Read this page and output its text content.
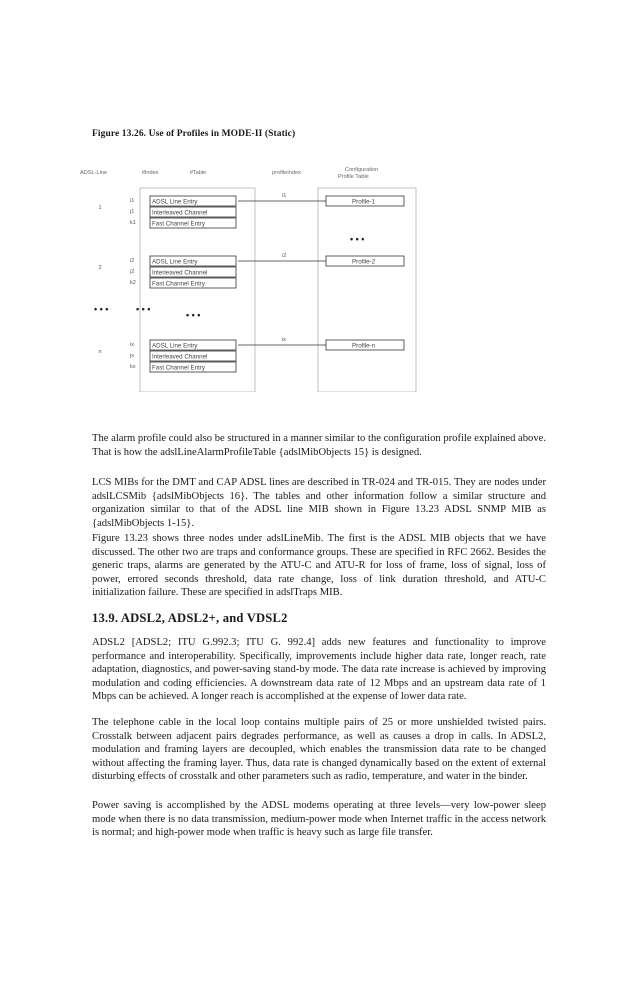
Figure 13.26. Use of Profiles in MODE-II (Static)
ADSL-Line	ifIndex	ifTable	profileIndex	Configuration
Profile Table
1
i1
j1
k1
ADSL Line Entry
Interleaved Channel
Fast Channel Entry
i1
Profile-1
2
i2	ADSL Line Entry
j2	Interleaved Channel
k2	Fast Channel Entry
i2
Profile-2
n
ix	ADSL Line Entry
jx	Interleaved Channel
kx	Fast Channel Entry
ix
Profile-n
• • •
• • •	• • •
• • •

The alarm profile could also be structured in a manner similar to the configuration profile explained above. That is how the adslLineAlarmProfileTable {adslMibObjects 15} is designed.

LCS MIBs for the DMT and CAP ADSL lines are described in TR-024 and TR-015. They are nodes under adslLCSMib {adslMibObjects 16}. The tables and other information follow a similar structure and organization similar to that of the ADSL line MIB shown in Figure 13.23 ADSL SNMP MIB as {adslMibObjects 1-15}.

Figure 13.23 shows three nodes under adslLineMib. The first is the ADSL MIB objects that we have discussed. The other two are traps and conformance groups. These are specified in RFC 2662. Besides the generic traps, alarms are generated by the ATU-C and ATU-R for loss of frame, loss of signal, loss of power, errored seconds threshold, data rate change, loss of link duration threshold, and ATU-C initialization failure. These are specified in adslTraps MIB.

13.9. ADSL2, ADSL2+, and VDSL2

ADSL2 [ADSL2; ITU G.992.3; ITU G. 992.4] adds new features and functionality to improve performance and interoperability. Specifically, improvements include higher data rate, longer reach, rate adaptation, diagnostics, and power-saving stand-by mode. The data rate increase is achieved by improving modulation and coding efficiencies. A downstream data rate of 12 Mbps and an upstream data rate of 1 Mbps can be achieved. A longer reach is accomplished at the expense of lower data rate.

The telephone cable in the local loop contains multiple pairs of 25 or more unshielded twisted pairs. Crosstalk between adjacent pairs degrades performance, as well as causes a drop in calls. In ADSL2, modulation and framing layers are decoupled, which enables the transmission data rate to be changed without affecting the framing layer. Thus, data rate is changed dynamically based on the extent of external disturbing effects of crosstalk and other parameters such as radio, temperature, and water in the binder.

Power saving is accomplished by the ADSL modems operating at three levels—very low-power sleep mode when there is no data transmission, medium-power mode when Internet traffic in the access network is normal; and high-power mode when traffic is heavy such as large file transfer.
